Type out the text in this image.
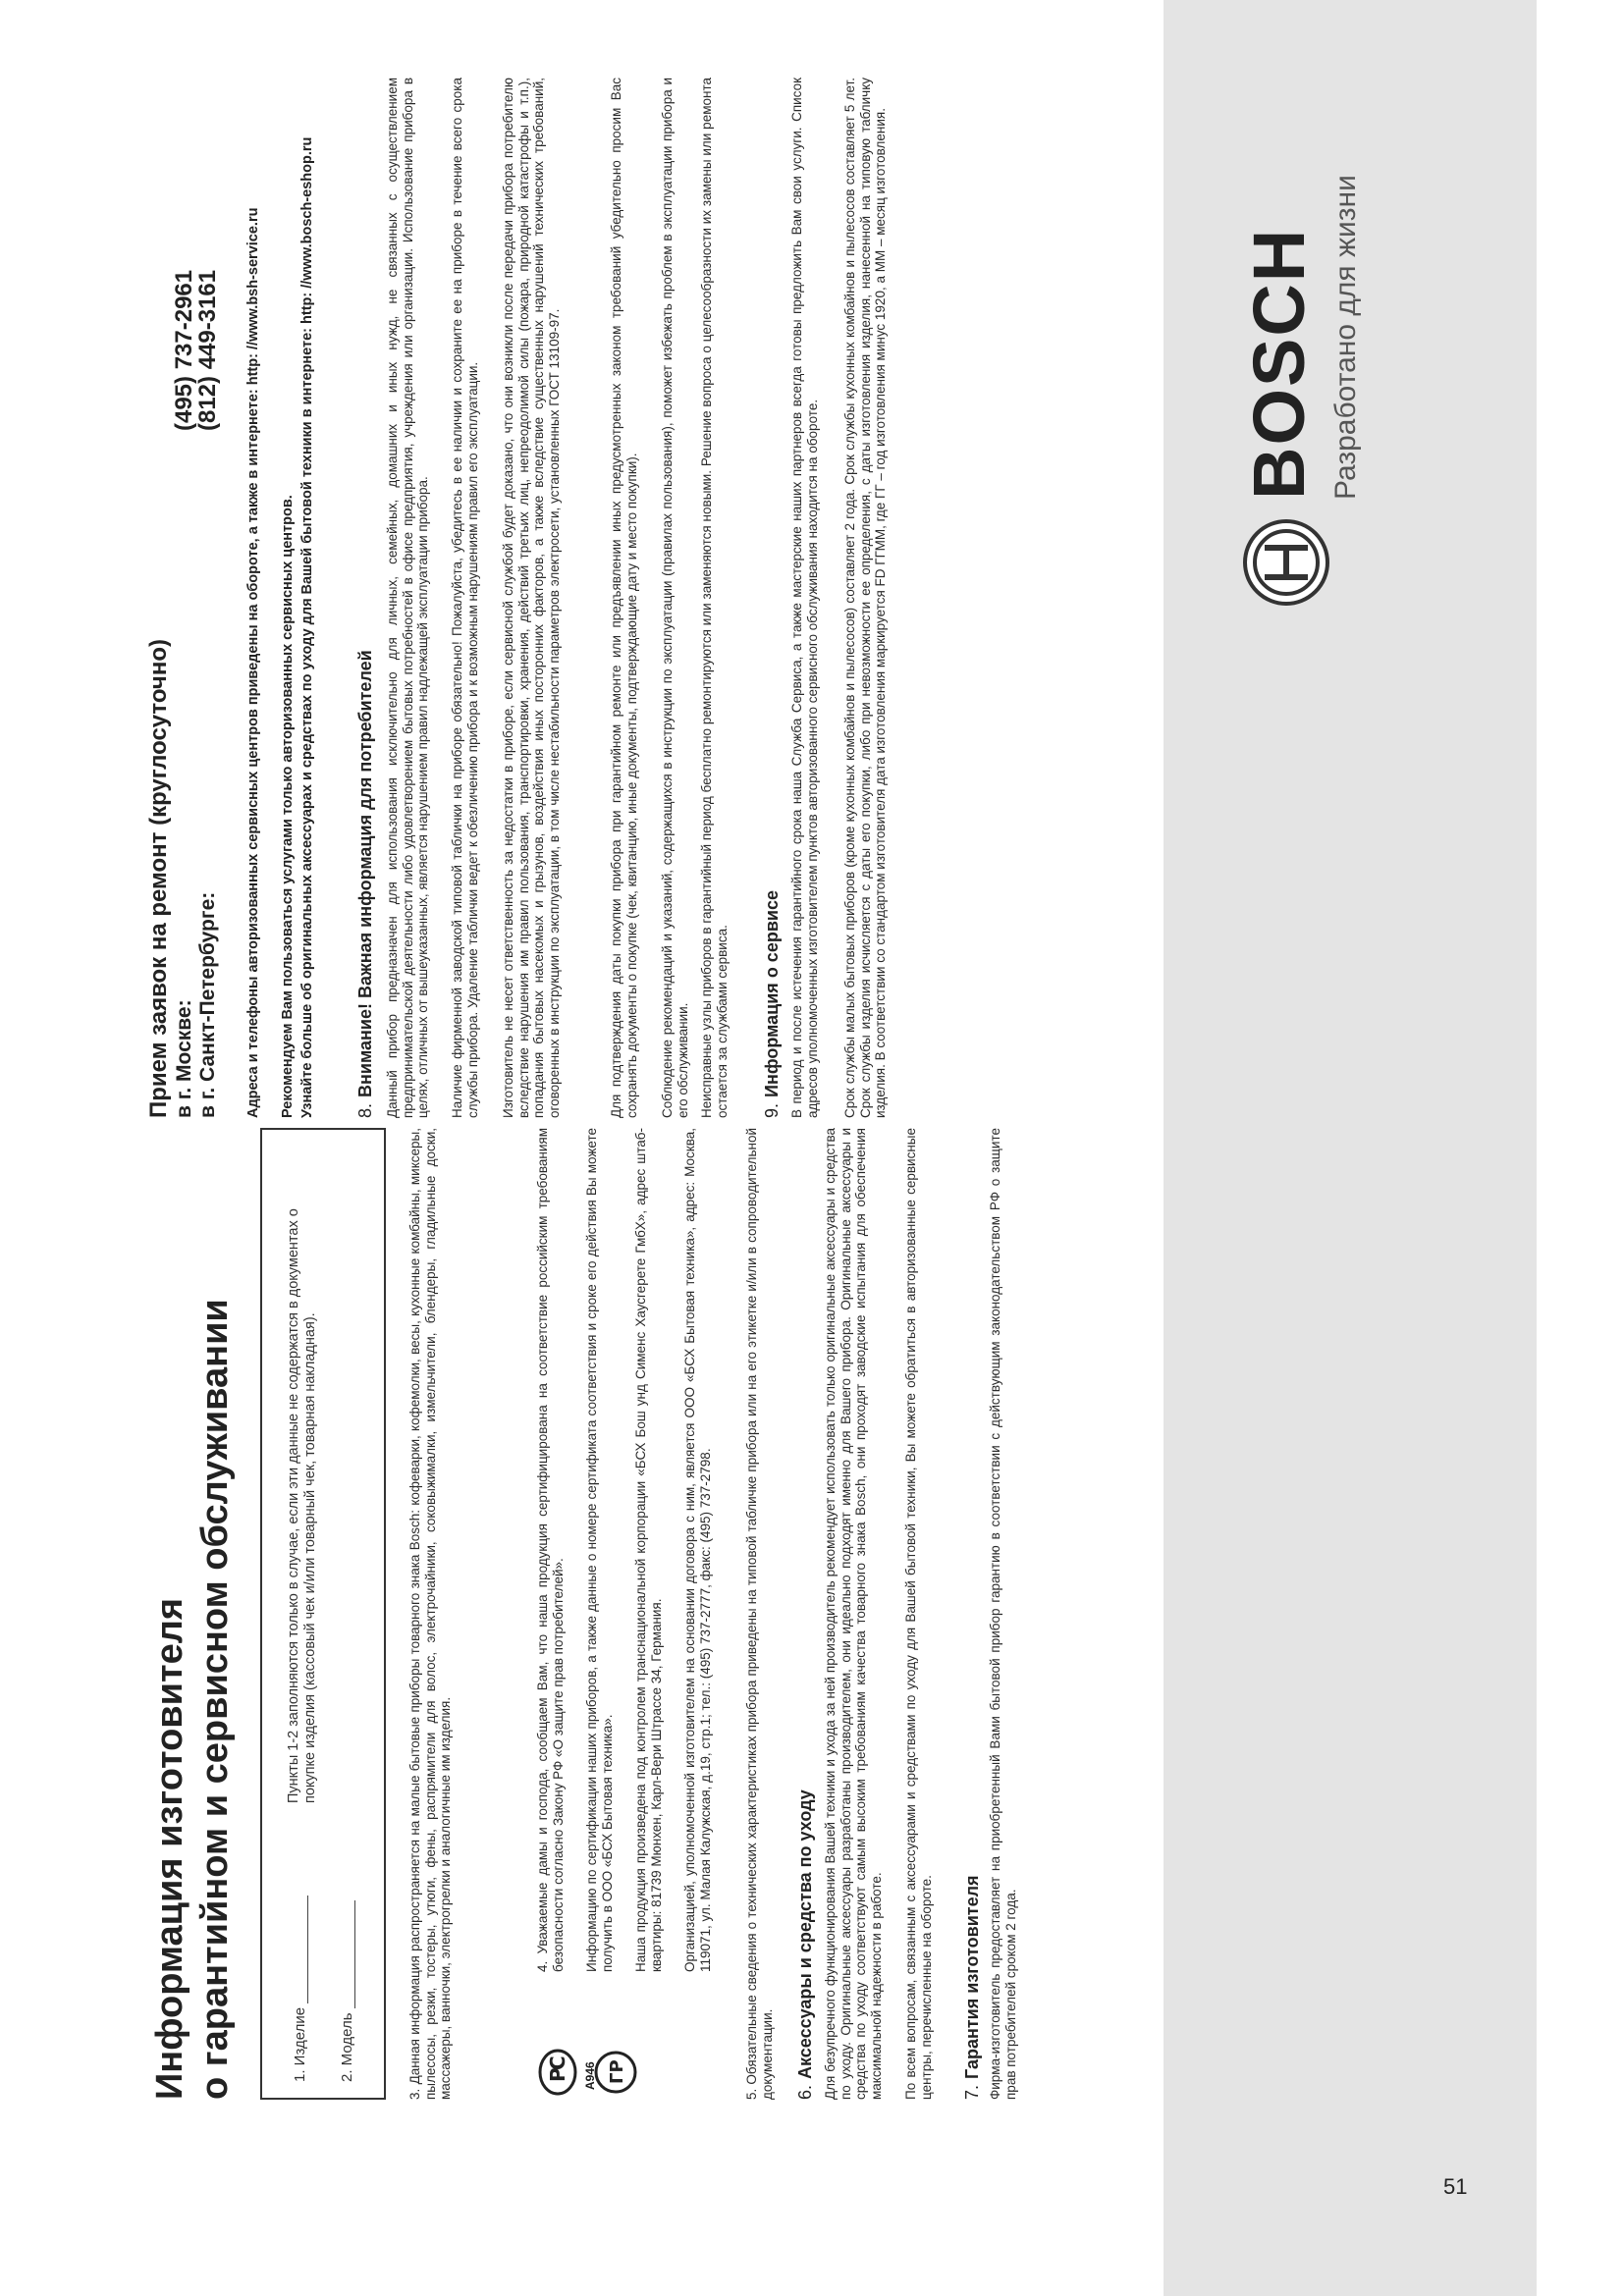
Информация изготовителя о гарантийном и сервисном обслуживании	1. Изделие 2. Модель
Пункты 1-2 заполняются только в случае, если эти данные не содержатся в документах о покупке изделия (кассовый чек и/или товарный чек, товарная накладная).	3. Данная информация распространяется на малые бытовые приборы товарного знака Bosch: кофеварки, кофемолки, весы, кухонные комбайны, миксеры, пылесосы, резки, тостеры, утюги, фены, распрямители для волос, электрочайники, соковыжималки, измельчители, блендеры, гладильные доски, массажеры, ванночки, электрогрелки и аналогичные им изделия.	P
C ГР
А946

4. Уважаемые дамы и господа, сообщаем Вам, что наша продукция сертифицирована на соответствие российским требованиям безопасности согласно Закону РФ «О защите прав потребителей». Информацию по сертификации наших приборов, а также данные о номере сертификата соответствия и сроке его действия Вы можете получить в ООО «БСХ Бытовая техника». Наша продукция произведена под контролем транснациональной корпорации «БСХ Бош унд Сименс Хаусгерете ГмбХ», адрес штаб-квартиры: 81739 Мюнхен, Карл-Вери Штрассе 34, Германия. Организацией, уполномоченной изготовителем на основании договора с ним, является ООО «БСХ Бытовая техника», адрес: Москва, 119071, ул. Малая Калужская, д.19, стр.1; тел.: (495) 737-2777, факс: (495) 737-2798. 5. Обязательные сведения о технических характеристиках прибора приведены на типовой табличке прибора или на его этикетке и/или в сопроводительной документации. 6.Аксессуары и средства по уходу Для безупречного функционирования Вашей техники и ухода за ней производитель рекомендует использовать только оригинальные аксессуары и средства по уходу. Оригинальные аксессуары разработаны производителем, они идеально подходят именно для Вашего прибора. Оригинальные аксессуары и средства по уходу соответствуют самым высоким требованиям качества товарного знака Bosch, они проходят заводские испытания для обеспечения максимальной надежности в работе. По всем вопросам, связанным с аксессуарами и средствами по уходу для Вашей бытовой техники, Вы можете обратиться в авторизованные сервисные центры, перечисленные на обороте. 7.Гарантия изготовителя Фирма-изготовитель предоставляет на приобретенный Вами бытовой прибор гарантию в соответствии с действующим законодательством РФ о защите прав потребителей сроком 2 года.

Прием заявок на ремонт (круглосуточно) в г. Москве:
(495) 737-2961
в г. Санкт-Петербурге:
(812) 449-3161 Адреса и телефоны авторизованных сервисных центров приведены на обороте, а также в интернете: http: //www.bsh-service.ru Рекомендуем Вам пользоваться услугами только авторизованных сервисных центров. Узнайте больше об оригинальных аксессуарах и средствах по уходу для Вашей бытовой техники в интернете: http: //www.bosch-eshop.ru 8.Внимание! Важная информация для потребителей Данный прибор предназначен для использования исключительно для личных, семейных, домашних и иных нужд, не связанных с осуществлением предпринимательской деятельности либо удовлетворением бытовых потребностей в офисе предприятия, учреждения или организации. Использование прибора в целях, отличных от вышеуказанных, является нарушением правил надлежащей эксплуатации прибора. Наличие фирменной заводской типовой таблички на приборе обязательно! Пожалуйста, убедитесь в ее наличии и сохраните ее на приборе в течение всего срока службы прибора. Удаление таблички ведет к обезличению прибора и к возможным нарушениям правил его эксплуатации. Изготовитель не несет ответственность за недостатки в приборе, если сервисной службой будет доказано, что они возникли после передачи прибора потребителю вследствие нарушения им правил пользования, транспортировки, хранения, действий третьих лиц, непреодолимой силы (пожара, природной катастрофы и т.п.), попадания бытовых насекомых и грызунов, воздействия иных посторонних факторов, а также вследствие существенных нарушений технических требований, оговоренных в инструкции по эксплуатации, в том числе нестабильности параметров электросети, установленных ГОСТ 13109-97.	Для подтверждения даты покупки прибора при гарантийном ремонте или предъявлении иных предусмотренных законом требований убедительно просим Вас сохранять документы о покупке (чек, квитанцию, иные документы, подтверждающие дату и место покупки). Соблюдение рекомендаций и указаний, содержащихся в инструкции по эксплуатации (правилах пользования), поможет избежать проблем в эксплуатации прибора и его обслуживании. Неисправные узлы приборов в гарантийный период бесплатно ремонтируются или заменяются новыми. Решение вопроса о целесообразности их замены или ремонта остается за службами сервиса. 9.Информация о сервисе В период и после истечения гарантийного срока наша Служба Сервиса, а также мастерские наших партнеров всегда готовы предложить Вам свои услуги. Список адресов уполномоченных изготовителем пунктов авторизованного сервисного обслуживания находится на обороте. Срок службы малых бытовых приборов (кроме кухонных комбайнов и пылесосов) составляет 2 года. Срок службы кухонных комбайнов и пылесосов составляет 5 лет. Срок службы изделия исчисляется с даты его покупки, либо при невозможности ее определения, с даты изготовления изделия, нанесенной на типовую табличку изделия. В соответствии со стандартом изготовителя дата изготовления маркируется FD ГГММ, где ГГ – год изготовления минус 1920, а ММ – месяц изготовления.	BOSCH Разработано для жизни
51
